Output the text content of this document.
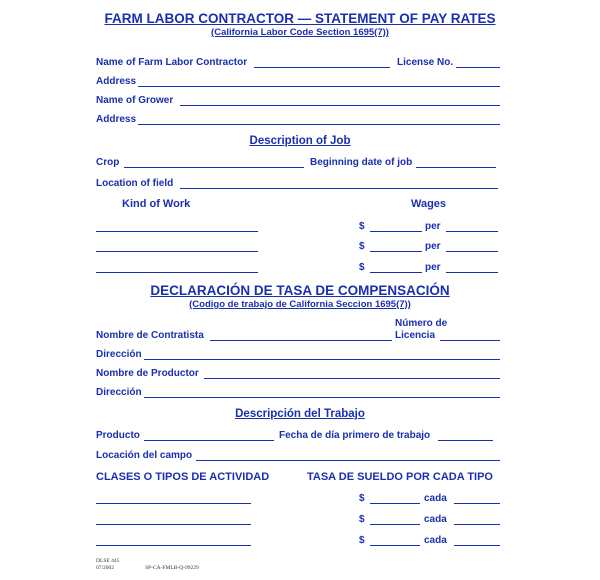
FARM LABOR CONTRACTOR — STATEMENT OF PAY RATES
(California Labor Code Section 1695(7))
Name of Farm Labor Contractor	License No.
Address
Name of Grower
Address
Description of Job
Crop	Beginning date of job
Location of field
Kind of Work	Wages
$	per
$	per
$	per
DECLARACIÓN DE TASA DE COMPENSACIÓN
(Codigo de trabajo de California Seccion 1695(7))
Número de
Nombre de Contratista	Licencia
Dirección
Nombre de Productor
Dirección
Descripción del Trabajo
Producto	Fecha de día primero de trabajo
Locación del campo
CLASES O TIPOS DE ACTIVIDAD	TASA DE SUELDO POR CADA TIPO
$	cada
$	cada
$	cada
DLSE 445
07/2002	SP-CA-FMLB-Q-99229
